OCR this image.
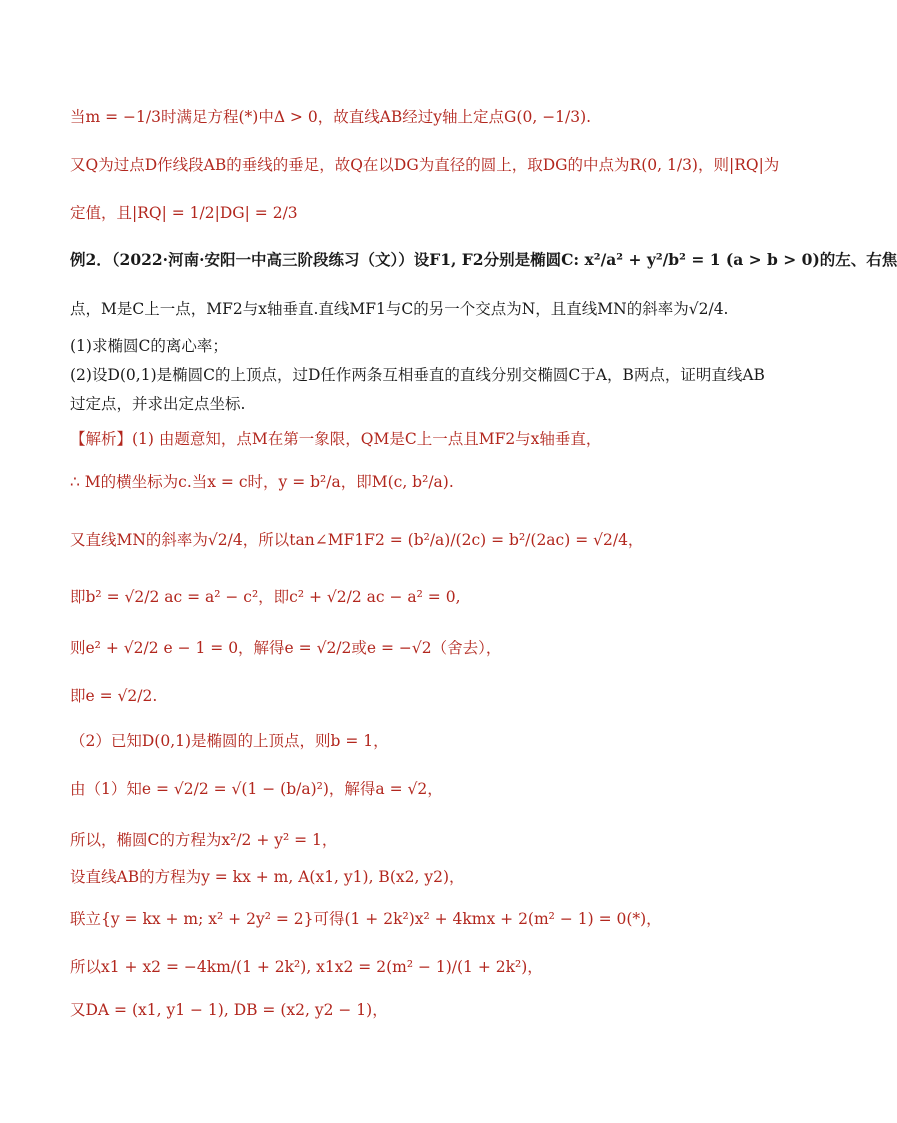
当m = −1/3时满足方程(*)中Δ > 0，故直线AB经过y轴上定点G(0, −1/3).
又Q为过点D作线段AB的垂线的垂足，故Q在以DG为直径的圆上，取DG的中点为R(0, 1/3)，则|RQ|为
定值，且|RQ| = 1/2|DG| = 2/3
例2．（2022·河南·安阳一中高三阶段练习（文））设F1, F2分别是椭圆C: x²/a² + y²/b² = 1 (a > b > 0)的左、右焦
点，M是C上一点，MF2与x轴垂直.直线MF1与C的另一个交点为N，且直线MN的斜率为√2/4.
(1)求椭圆C的离心率；
(2)设D(0,1)是椭圆C的上顶点，过D任作两条互相垂直的直线分别交椭圆C于A，B两点，证明直线AB
过定点，并求出定点坐标.
【解析】(1) 由题意知，点M在第一象限，QM是C上一点且MF2与x轴垂直，
∴ M的横坐标为c.当x = c时，y = b²/a，即M(c, b²/a).
又直线MN的斜率为√2/4，所以tan∠MF1F2 = (b²/a)/(2c) = b²/(2ac) = √2/4，
即b² = √2/2 ac = a² − c²，即c² + √2/2 ac − a² = 0,
则e² + √2/2 e − 1 = 0，解得e = √2/2或e = −√2（舍去），
即e = √2/2.
（2）已知D(0,1)是椭圆的上顶点，则b = 1，
由（1）知e = √2/2 = √(1 − (b/a)²)，解得a = √2，
所以，椭圆C的方程为x²/2 + y² = 1，
设直线AB的方程为y = kx + m, A(x1, y1), B(x2, y2)，
联立{y = kx + m; x² + 2y² = 2}可得(1 + 2k²)x² + 4kmx + 2(m² − 1) = 0(*)，
所以x1 + x2 = −4km/(1 + 2k²), x1x2 = 2(m² − 1)/(1 + 2k²)，
又DA = (x1, y1 − 1), DB = (x2, y2 − 1)，
